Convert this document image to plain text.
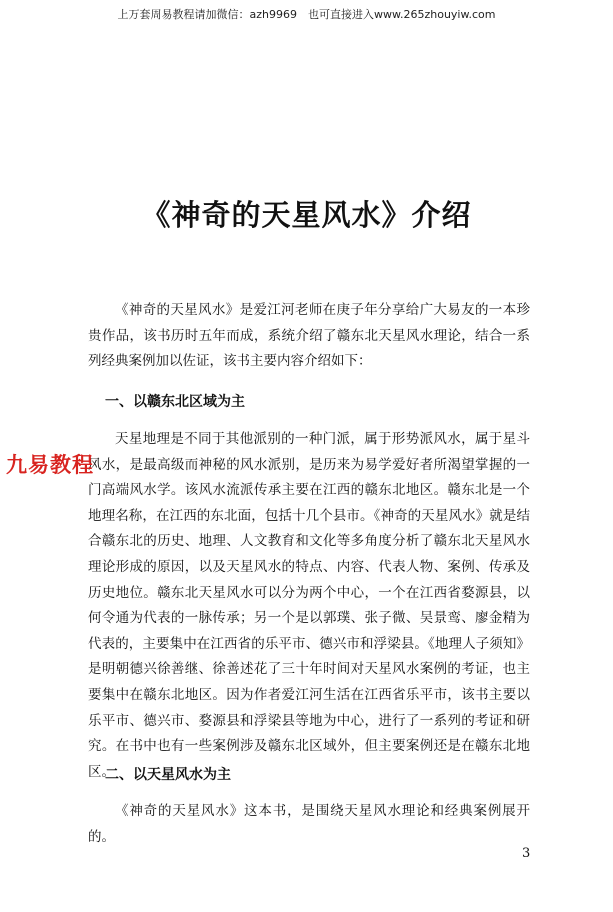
上万套周易教程请加微信：azh9969　也可直接进入www.265zhouyiw.com
《神奇的天星风水》介绍

《神奇的天星风水》是爱江河老师在庚子年分享给广大易友的一本珍贵作品，该书历时五年而成，系统介绍了赣东北天星风水理论，结合一系列经典案例加以佐证，该书主要内容介绍如下：

一、以赣东北区域为主

天星地理是不同于其他派别的一种门派，属于形势派风水，属于星斗风水，是最高级而神秘的风水派别，是历来为易学爱好者所渴望掌握的一门高端风水学。该风水流派传承主要在江西的赣东北地区。赣东北是一个地理名称，在江西的东北面，包括十几个县市。《神奇的天星风水》就是结合赣东北的历史、地理、人文教育和文化等多角度分析了赣东北天星风水理论形成的原因，以及天星风水的特点、内容、代表人物、案例、传承及历史地位。赣东北天星风水可以分为两个中心，一个在江西省婺源县，以何令通为代表的一脉传承；另一个是以郭璞、张子微、吴景鸾、廖金精为代表的，主要集中在江西省的乐平市、德兴市和浮梁县。《地理人子须知》是明朝德兴徐善继、徐善述花了三十年时间对天星风水案例的考证，也主要集中在赣东北地区。因为作者爱江河生活在江西省乐平市，该书主要以乐平市、德兴市、婺源县和浮梁县等地为中心，进行了一系列的考证和研究。在书中也有一些案例涉及赣东北区域外，但主要案例还是在赣东北地区。

二、以天星风水为主

《神奇的天星风水》这本书，是围绕天星风水理论和经典案例展开的。

九易教程
3
